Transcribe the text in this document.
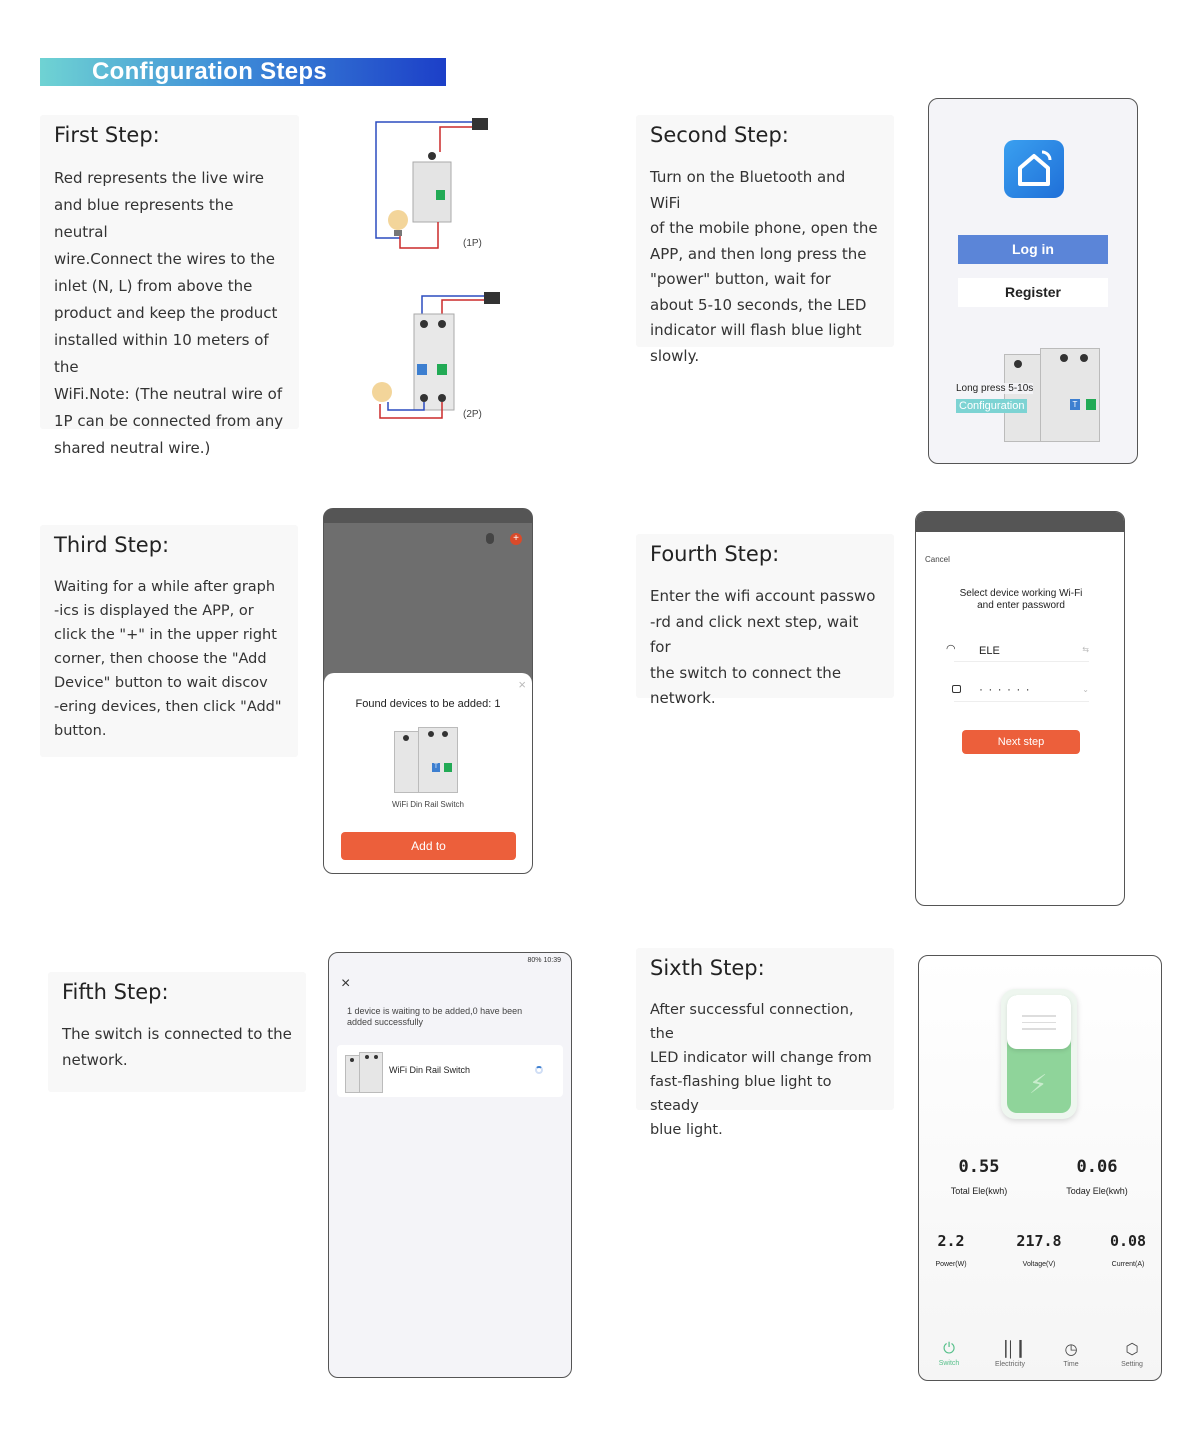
Configuration Steps
First Step:

Red represents the live wire
and blue represents the neutral
wire.Connect the wires to the
inlet (N, L) from above the
product and keep the product
installed within 10 meters of the
WiFi.Note: (The neutral wire of
1P can be connected from any
shared neutral wire.)

Second Step:

Turn on the Bluetooth and WiFi
of the mobile phone, open the
APP, and then long press the
"power" button, wait for
about 5-10 seconds, the LED
indicator will flash blue light
slowly.

Third Step:

Waiting for a while after graph
-ics is displayed the APP, or
click the "+" in the upper right
corner, then choose the "Add
Device" button to wait discov
-ering devices, then click "Add"
button.

Fourth Step:

Enter the wifi account passwo
-rd and click next step, wait for
the switch to connect the
network.

Fifth Step:

The switch is connected to the
network.

Sixth Step:

After successful connection, the
LED indicator will change from
fast-flashing blue light to steady
blue light.

(1P)
(2P)
Log in
Register
T
Long press 5-10s
Configuration
+
×
Found devices to be added: 1
T
WiFi Din Rail Switch
Add to
Cancel
Select device working Wi-Fi
and enter password
◠ ELE	⇆
· · · · · ·	⌄
Next step
80% 10:39
×
1 device is waiting to be added,0 have been
added successfully
WiFi Din Rail Switch	⚡
0.55
Total Ele(kwh)
0.06
Today Ele(kwh)
2.2
Power(W)
217.8
Voltage(V)
0.08
Current(A)
⏻
Switch
▕│┃
Electricity
◷
Time
⬡
Setting
